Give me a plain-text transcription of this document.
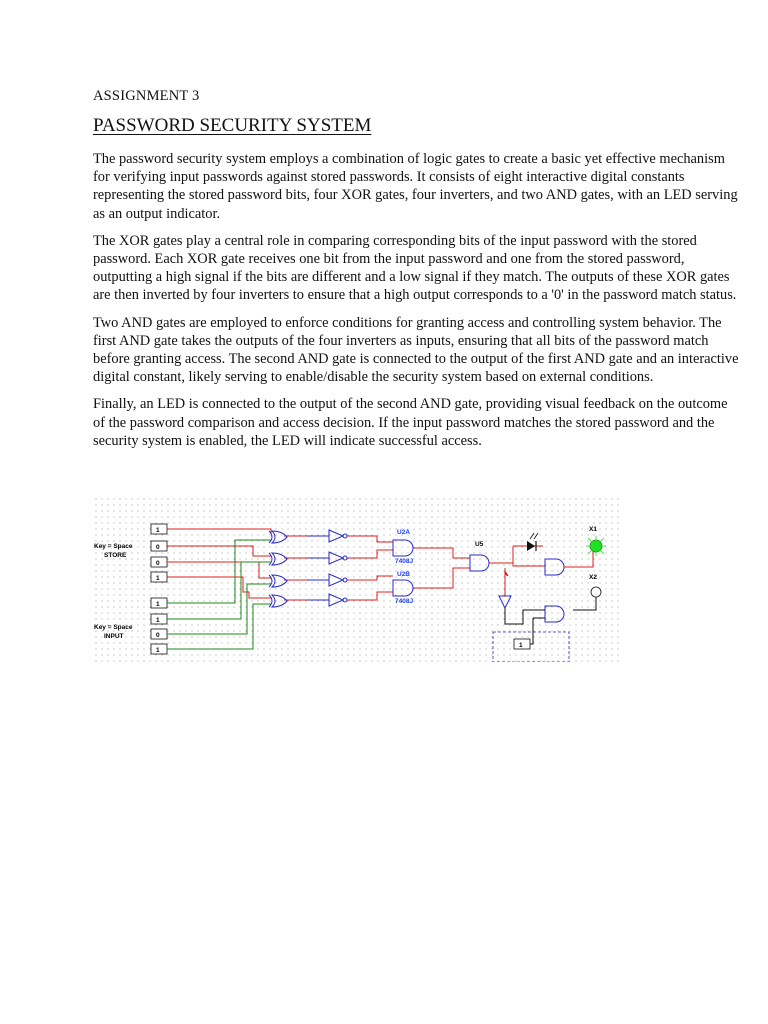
ASSIGNMENT 3
PASSWORD SECURITY SYSTEM

The password security system employs a combination of logic gates to create a basic yet effective mechanism for verifying input passwords against stored passwords. It consists of eight interactive digital constants representing the stored password bits, four XOR gates, four inverters, and two AND gates, with an LED serving as an output indicator.

The XOR gates play a central role in comparing corresponding bits of the input password with the stored password. Each XOR gate receives one bit from the input password and one from the stored password, outputting a high signal if the bits are different and a low signal if they match. The outputs of these XOR gates are then inverted by four inverters to ensure that a high output corresponds to a '0' in the password match status.

Two AND gates are employed to enforce conditions for granting access and controlling system behavior. The first AND gate takes the outputs of the four inverters as inputs, ensuring that all bits of the password match before granting access. The second AND gate is connected to the output of the first AND gate and an interactive digital constant, likely serving to enable/disable the security system based on external conditions.

Finally, an LED is connected to the output of the second AND gate, providing visual feedback on the outcome of the password comparison and access decision. If the input password matches the stored password and the security system is enabled, the LED will indicate successful access.

Key = Space
STORE
Key = Space
INPUT
1
0
0
1
1
1
0
1
U2A
7408J
U2B
7408J
U5
X1
X2
1
